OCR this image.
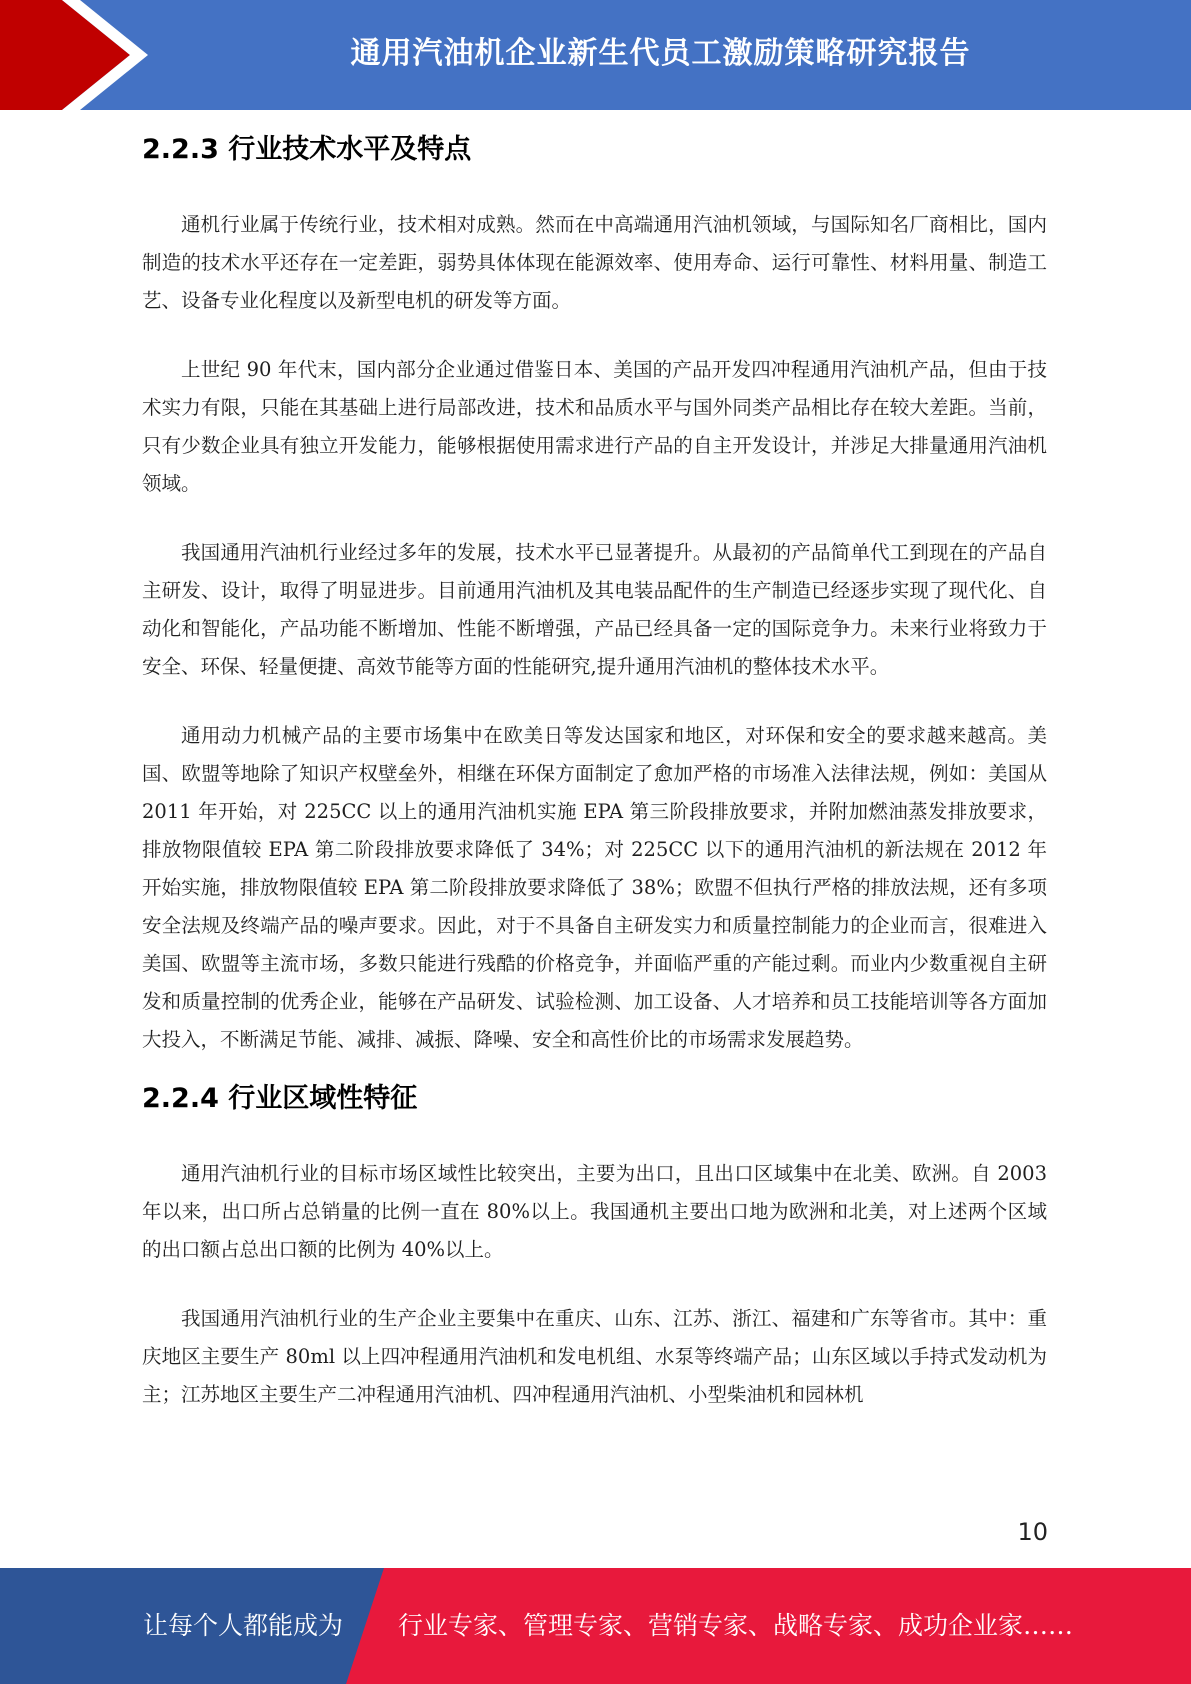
通用汽油机企业新生代员工激励策略研究报告
2.2.3 行业技术水平及特点

通机行业属于传统行业，技术相对成熟。然而在中高端通用汽油机领域，与国际知名厂商相比，国内制造的技术水平还存在一定差距，弱势具体体现在能源效率、使用寿命、运行可靠性、材料用量、制造工艺、设备专业化程度以及新型电机的研发等方面。

上世纪 90 年代末，国内部分企业通过借鉴日本、美国的产品开发四冲程通用汽油机产品，但由于技术实力有限，只能在其基础上进行局部改进，技术和品质水平与国外同类产品相比存在较大差距。当前，只有少数企业具有独立开发能力，能够根据使用需求进行产品的自主开发设计，并涉足大排量通用汽油机领域。

我国通用汽油机行业经过多年的发展，技术水平已显著提升。从最初的产品简单代工到现在的产品自主研发、设计，取得了明显进步。目前通用汽油机及其电装品配件的生产制造已经逐步实现了现代化、自动化和智能化，产品功能不断增加、性能不断增强，产品已经具备一定的国际竞争力。未来行业将致力于安全、环保、轻量便捷、高效节能等方面的性能研究,提升通用汽油机的整体技术水平。

通用动力机械产品的主要市场集中在欧美日等发达国家和地区，对环保和安全的要求越来越高。美国、欧盟等地除了知识产权壁垒外，相继在环保方面制定了愈加严格的市场准入法律法规，例如：美国从 2011 年开始，对 225CC 以上的通用汽油机实施 EPA 第三阶段排放要求，并附加燃油蒸发排放要求，排放物限值较 EPA 第二阶段排放要求降低了 34%；对 225CC 以下的通用汽油机的新法规在 2012 年开始实施，排放物限值较 EPA 第二阶段排放要求降低了 38%；欧盟不但执行严格的排放法规，还有多项安全法规及终端产品的噪声要求。因此，对于不具备自主研发实力和质量控制能力的企业而言，很难进入美国、欧盟等主流市场，多数只能进行残酷的价格竞争，并面临严重的产能过剩。而业内少数重视自主研发和质量控制的优秀企业，能够在产品研发、试验检测、加工设备、人才培养和员工技能培训等各方面加大投入，不断满足节能、减排、减振、降噪、安全和高性价比的市场需求发展趋势。

2.2.4 行业区域性特征

通用汽油机行业的目标市场区域性比较突出，主要为出口，且出口区域集中在北美、欧洲。自 2003 年以来，出口所占总销量的比例一直在 80%以上。我国通机主要出口地为欧洲和北美，对上述两个区域的出口额占总出口额的比例为 40%以上。

我国通用汽油机行业的生产企业主要集中在重庆、山东、江苏、浙江、福建和广东等省市。其中：重庆地区主要生产 80ml 以上四冲程通用汽油机和发电机组、水泵等终端产品；山东区域以手持式发动机为主；江苏地区主要生产二冲程通用汽油机、四冲程通用汽油机、小型柴油机和园林机

10
让每个人都能成为 行业专家、管理专家、营销专家、战略专家、成功企业家……
